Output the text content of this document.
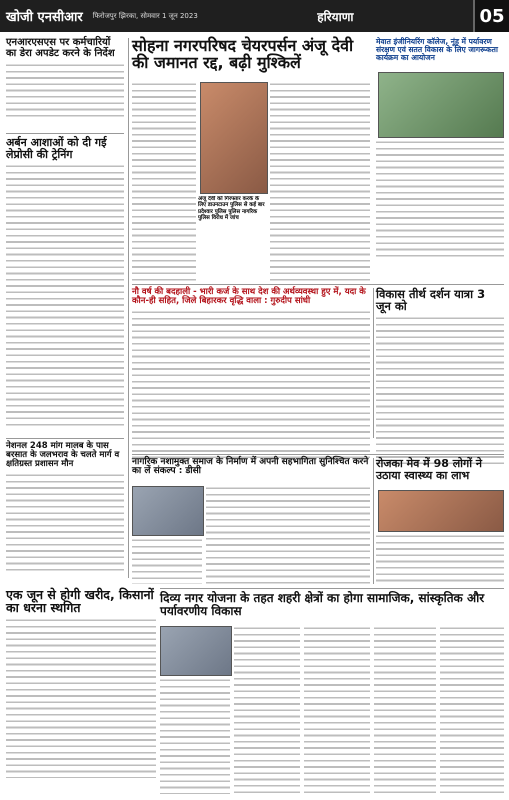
खोजी एनसीआर	फिरोजपुर झिरका, सोमवार 1 जून 2023	हरियाणा	05
एनआरएसएस पर कर्मचारियों का डेरा अपडेट करने के निर्देश
अर्बन आशाओं को दी गई लेप्रोसी की ट्रेनिंग
नेशनल 248 मांग मालब के पास बरसात के जलभराव के चलते मार्ग व क्षतिग्रस्त प्रशासन मौन
एक जून से होगी खरीद, किसानों का धरना स्थगित
सोहना नगरपरिषद चेयरपर्सन अंजू देवी की जमानत रद्द, बढ़ी मुश्किलें
अंजू देवी को गिरफ्तार करके के लिए डाउनटाउन पुलिस से कई बार प्रदेश्वार पुलिस पुलिस नागरिक पुलिस विरोध में जांच
मेवात इंजीनियरिंग कॉलेज, नूंह में पर्यावरण संरक्षण एवं सतत विकास के लिए जागरूकता कार्यक्रम का आयोजन
नौ वर्ष की बदहाली - भारी कर्ज के साथ देश की अर्थव्यवस्था हुए में, यदा के कौन-ही सहित, जिले बिहारकर वृद्धि वाला : गुरुदीप सांधी	विकास तीर्थ दर्शन यात्रा 3 जून को
नागरिक नशामुक्त समाज के निर्माण में अपनी सहभागिता सुनिश्चित करने का लें संकल्प : डीसी
रोजका मेव में 98 लोगों ने उठाया स्वास्थ्य का लाभ
दिव्य नगर योजना के तहत शहरी क्षेत्रों का होगा सामाजिक, सांस्कृतिक और पर्यावरणीय विकास
